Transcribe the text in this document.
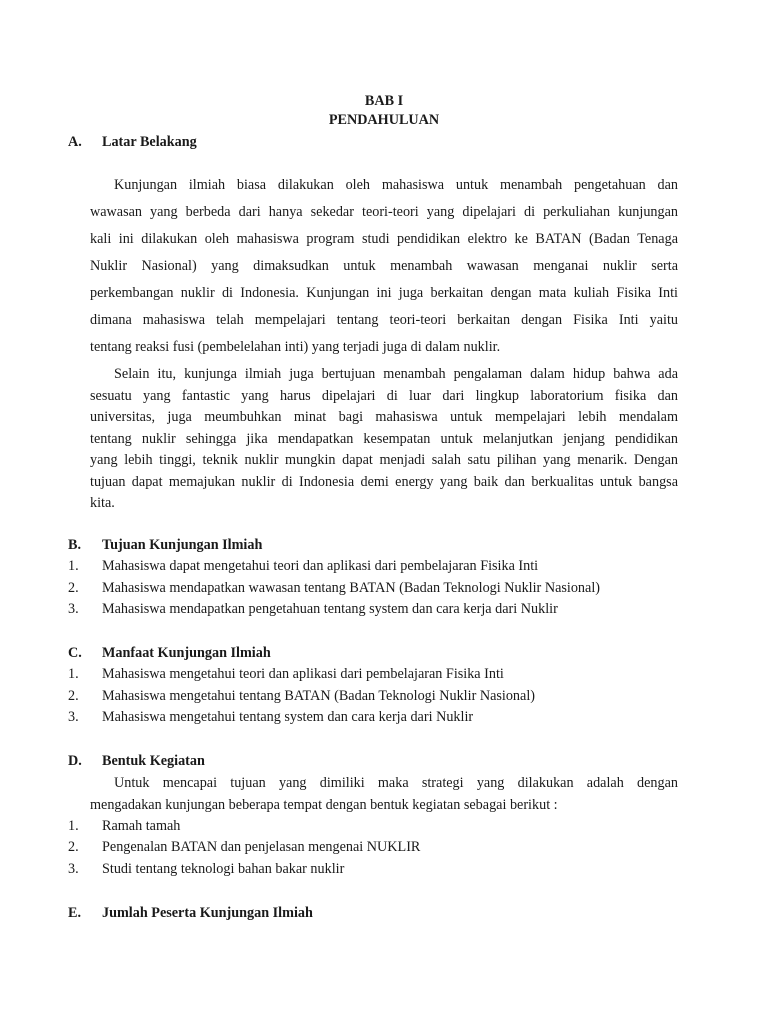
BAB I
PENDAHULUAN
A. Latar Belakang
Kunjungan ilmiah biasa dilakukan oleh mahasiswa untuk menambah pengetahuan dan
wawasan yang berbeda dari hanya sekedar teori-teori yang dipelajari di perkuliahan kunjungan
kali ini dilakukan oleh mahasiswa program studi pendidikan elektro ke BATAN (Badan Tenaga
Nuklir Nasional) yang dimaksudkan untuk menambah wawasan menganai nuklir serta
perkembangan nuklir di Indonesia. Kunjungan ini juga berkaitan dengan mata kuliah Fisika Inti
dimana mahasiswa telah mempelajari tentang teori-teori berkaitan dengan Fisika Inti yaitu
tentang reaksi fusi (pembelelahan inti) yang terjadi juga di dalam nuklir.
Selain itu, kunjunga ilmiah juga bertujuan menambah pengalaman dalam hidup bahwa ada
sesuatu yang fantastic yang harus dipelajari di luar dari lingkup laboratorium fisika dan
universitas, juga meumbuhkan minat bagi mahasiswa untuk mempelajari lebih mendalam
tentang nuklir sehingga jika mendapatkan kesempatan untuk melanjutkan jenjang pendidikan
yang lebih tinggi, teknik nuklir mungkin dapat menjadi salah satu pilihan yang menarik. Dengan
tujuan dapat memajukan nuklir di Indonesia demi energy yang baik dan berkualitas untuk bangsa
kita.
B. Tujuan Kunjungan Ilmiah
1. Mahasiswa dapat mengetahui teori dan aplikasi dari pembelajaran Fisika Inti
2. Mahasiswa mendapatkan wawasan tentang BATAN (Badan Teknologi Nuklir Nasional)
3. Mahasiswa mendapatkan pengetahuan tentang system dan cara kerja dari Nuklir
C. Manfaat Kunjungan Ilmiah
1. Mahasiswa mengetahui teori dan aplikasi dari pembelajaran Fisika Inti
2. Mahasiswa mengetahui tentang BATAN (Badan Teknologi Nuklir Nasional)
3. Mahasiswa mengetahui tentang system dan cara kerja dari Nuklir
D. Bentuk Kegiatan
Untuk mencapai tujuan yang dimiliki maka strategi yang dilakukan adalah dengan
mengadakan kunjungan beberapa tempat dengan bentuk kegiatan sebagai berikut :
1. Ramah tamah
2. Pengenalan BATAN dan penjelasan mengenai NUKLIR
3. Studi tentang teknologi bahan bakar nuklir
E. Jumlah Peserta Kunjungan Ilmiah
